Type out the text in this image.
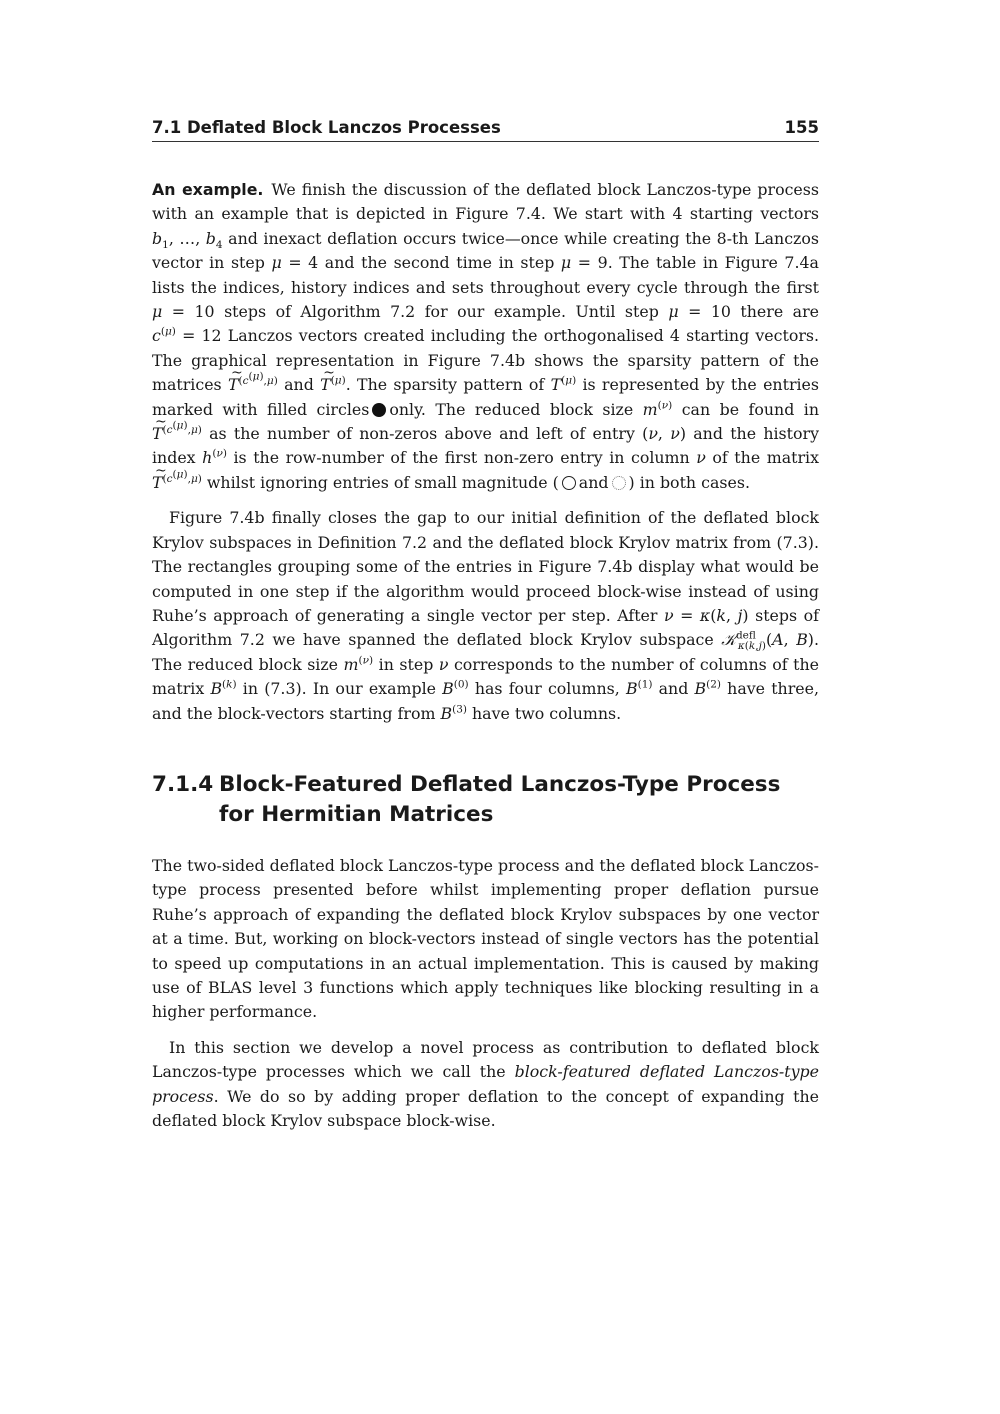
7.1 Deflated Block Lanczos Processes	155

An example. We finish the discussion of the deflated block Lanczos-type process with an example that is depicted in Figure 7.4. We start with 4 starting vectors $b_1$, …, $b_4$ and inexact deflation occurs twice—once while creating the 8-th Lanczos vector in step μ = 4 and the second time in step μ = 9. The table in Figure 7.4a lists the indices, history indices and sets throughout every cycle through the first μ = 10 steps of Algorithm 7.2 for our example. Until step μ = 10 there are $c^{(\mu)} = 12$ Lanczos vectors created including the orthogonalised 4 starting vectors. The graphical representation in Figure 7.4b shows the sparsity pattern of the matrices ~ $T^{(c^{(\mu)},\mu)}$ and ~ $T^{(\mu)}$. The sparsity pattern of $T^{(\mu)}$ is represented by the entries marked with filled circles only. The reduced block size $m^{(\nu)}$ can be found in ~ $T^{(c^{(\mu)},\mu)}$ as the number of non-zeros above and left of entry (ν, ν) and the history index $h^{(\nu)}$ is the row-number of the first non-zero entry in column ν of the matrix ~ $T^{(c^{(\mu)},\mu)}$ whilst ignoring entries of small magnitude ( and ) in both cases.

Figure 7.4b finally closes the gap to our initial definition of the deflated block Krylov subspaces in Definition 7.2 and the deflated block Krylov matrix from (7.3). The rectangles grouping some of the entries in Figure 7.4b display what would be computed in one step if the algorithm would proceed block-wise instead of using Ruhe’s approach of generating a single vector per step. After ν = κ(k, j) steps of Algorithm 7.2 we have spanned the deflated block Krylov subspace 𝒦$^{defl}_{\kappa(k,j)}$(A, B). The reduced block size $m^{(\nu)}$ in step ν corresponds to the number of columns of the matrix $B^{(k)}$ in (7.3). In our example $B^{(0)}$ has four columns, $B^{(1)}$ and $B^{(2)}$ have three, and the block-vectors starting from $B^{(3)}$ have two columns.

7.1.4 Block-Featured Deflated Lanczos-Type Process for Hermitian Matrices

The two-sided deflated block Lanczos-type process and the deflated block Lanczos-type process presented before whilst implementing proper deflation pursue Ruhe’s approach of expanding the deflated block Krylov subspaces by one vector at a time. But, working on block-vectors instead of single vectors has the potential to speed up computations in an actual implementation. This is caused by making use of BLAS level 3 functions which apply techniques like blocking resulting in a higher performance.

In this section we develop a novel process as contribution to deflated block Lanczos-type processes which we call the block-featured deflated Lanczos-type process. We do so by adding proper deflation to the concept of expanding the deflated block Krylov subspace block-wise.
